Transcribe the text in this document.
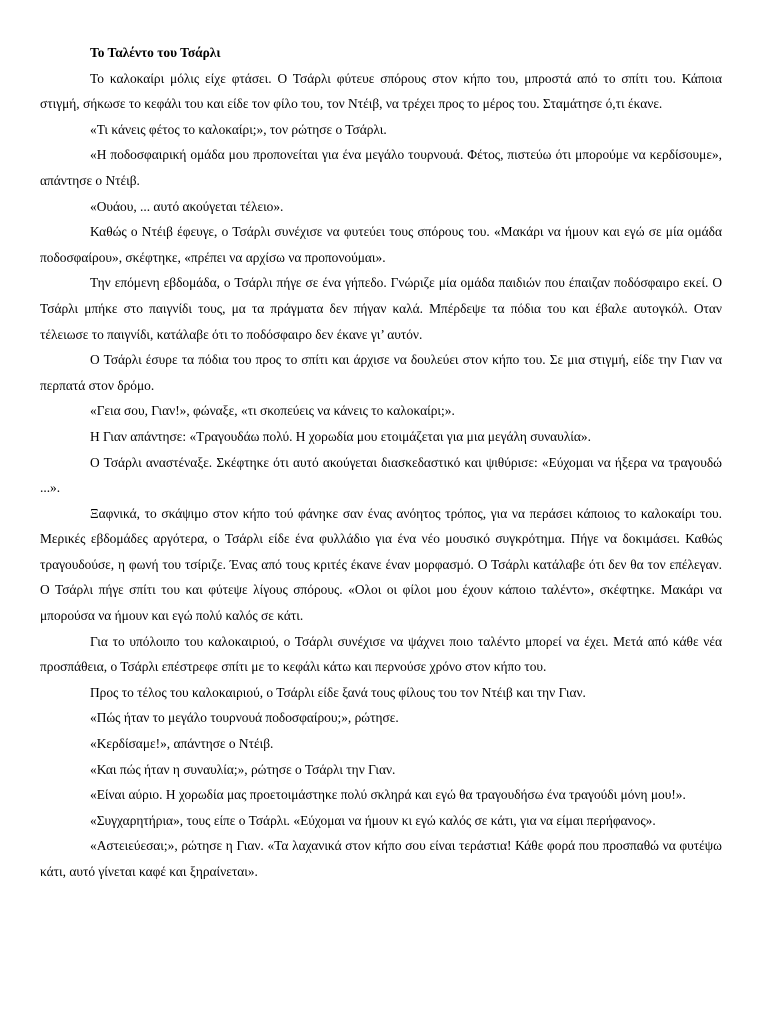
Το Ταλέντο του Τσάρλι

Το καλοκαίρι μόλις είχε φτάσει. Ο Τσάρλι φύτευε σπόρους στον κήπο του, μπροστά από το σπίτι του. Κάποια στιγμή, σήκωσε το κεφάλι του και είδε τον φίλο του, τον Ντέιβ, να τρέχει προς το μέρος του. Σταμάτησε ό,τι έκανε.

«Τι κάνεις φέτος το καλοκαίρι;», τον ρώτησε ο Τσάρλι.

«Η ποδοσφαιρική ομάδα μου προπονείται για ένα μεγάλο τουρνουά. Φέτος, πιστεύω ότι μπορούμε να κερδίσουμε», απάντησε ο Ντέιβ.

«Ουάου, ... αυτό ακούγεται τέλειο».

Καθώς ο Ντέιβ έφευγε, ο Τσάρλι συνέχισε να φυτεύει τους σπόρους του. «Μακάρι να ήμουν και εγώ σε μία ομάδα ποδοσφαίρου», σκέφτηκε, «πρέπει να αρχίσω να προπονούμαι».

Την επόμενη εβδομάδα, ο Τσάρλι πήγε σε ένα γήπεδο. Γνώριζε μία ομάδα παιδιών που έπαιζαν ποδόσφαιρο εκεί. Ο Τσάρλι μπήκε στο παιγνίδι τους, μα τα πράγματα δεν πήγαν καλά. Μπέρδεψε τα πόδια του και έβαλε αυτογκόλ. Οταν τέλειωσε το παιγνίδι, κατάλαβε ότι το ποδόσφαιρο δεν έκανε γι’ αυτόν.

Ο Τσάρλι έσυρε τα πόδια του προς το σπίτι και άρχισε να δουλεύει στον κήπο του. Σε μια στιγμή, είδε την Γιαν να περπατά στον δρόμο.

«Γεια σου, Γιαν!», φώναξε, «τι σκοπεύεις να κάνεις το καλοκαίρι;».

Η Γιαν απάντησε: «Τραγουδάω πολύ. Η χορωδία μου ετοιμάζεται για μια μεγάλη συναυλία».

Ο Τσάρλι αναστέναξε. Σκέφτηκε ότι αυτό ακούγεται διασκεδαστικό και ψιθύρισε: «Εύχομαι να ήξερα να τραγουδώ ...».

Ξαφνικά, το σκάψιμο στον κήπο τού φάνηκε σαν ένας ανόητος τρόπος, για να περάσει κάποιος το καλοκαίρι του. Μερικές εβδομάδες αργότερα, ο Τσάρλι είδε ένα φυλλάδιο για ένα νέο μουσικό συγκρότημα. Πήγε να δοκιμάσει. Καθώς τραγουδούσε, η φωνή του τσίριζε. Ένας από τους κριτές έκανε έναν μορφασμό. Ο Τσάρλι κατάλαβε ότι δεν θα τον επέλεγαν. Ο Τσάρλι πήγε σπίτι του και φύτεψε λίγους σπόρους. «Ολοι οι φίλοι μου έχουν κάποιο ταλέντο», σκέφτηκε. Μακάρι να μπορούσα να ήμουν και εγώ πολύ καλός σε κάτι.

Για το υπόλοιπο του καλοκαιριού, ο Τσάρλι συνέχισε να ψάχνει ποιο ταλέντο μπορεί να έχει. Μετά από κάθε νέα προσπάθεια, ο Τσάρλι επέστρεφε σπίτι με το κεφάλι κάτω και περνούσε χρόνο στον κήπο του.

Προς το τέλος του καλοκαιριού, ο Τσάρλι είδε ξανά τους φίλους του τον Ντέιβ και την Γιαν.

«Πώς ήταν το μεγάλο τουρνουά ποδοσφαίρου;», ρώτησε.

«Κερδίσαμε!», απάντησε ο Ντέιβ.

«Και πώς ήταν η συναυλία;», ρώτησε ο Τσάρλι την Γιαν.

«Είναι αύριο. Η χορωδία μας προετοιμάστηκε πολύ σκληρά και εγώ θα τραγουδήσω ένα τραγούδι μόνη μου!».

«Συγχαρητήρια», τους είπε ο Τσάρλι. «Εύχομαι να ήμουν κι εγώ καλός σε κάτι, για να είμαι περήφανος».

«Αστειεύεσαι;», ρώτησε η Γιαν. «Τα λαχανικά στον κήπο σου είναι τεράστια! Κάθε φορά που προσπαθώ να φυτέψω κάτι, αυτό γίνεται καφέ και ξηραίνεται».
